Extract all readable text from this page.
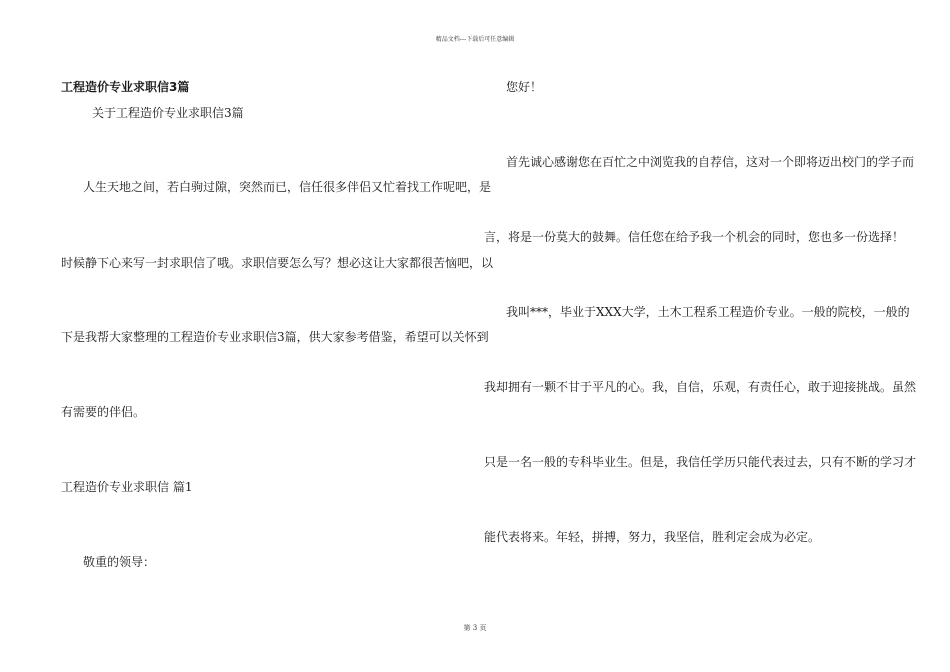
精品文档---下载后可任意编辑
工程造价专业求职信3篇
关于工程造价专业求职信3篇
人生天地之间，若白驹过隙，突然而已，信任很多伴侣又忙着找工作呢吧，是
时候静下心来写一封求职信了哦。求职信要怎么写？想必这让大家都很苦恼吧，以
下是我帮大家整理的工程造价专业求职信3篇，供大家参考借鉴，希望可以关怀到
有需要的伴侣。
工程造价专业求职信 篇1
敬重的领导：
您好！
首先诚心感谢您在百忙之中浏览我的自荐信，这对一个即将迈出校门的学子而
言，将是一份莫大的鼓舞。信任您在给予我一个机会的同时，您也多一份选择！
我叫***，毕业于XXX大学，土木工程系工程造价专业。一般的院校，一般的
我却拥有一颗不甘于平凡的心。我，自信，乐观，有责任心，敢于迎接挑战。虽然
只是一名一般的专科毕业生。但是，我信任学历只能代表过去，只有不断的学习才
能代表将来。年轻，拼搏，努力，我坚信，胜利定会成为必定。
第 3 页
